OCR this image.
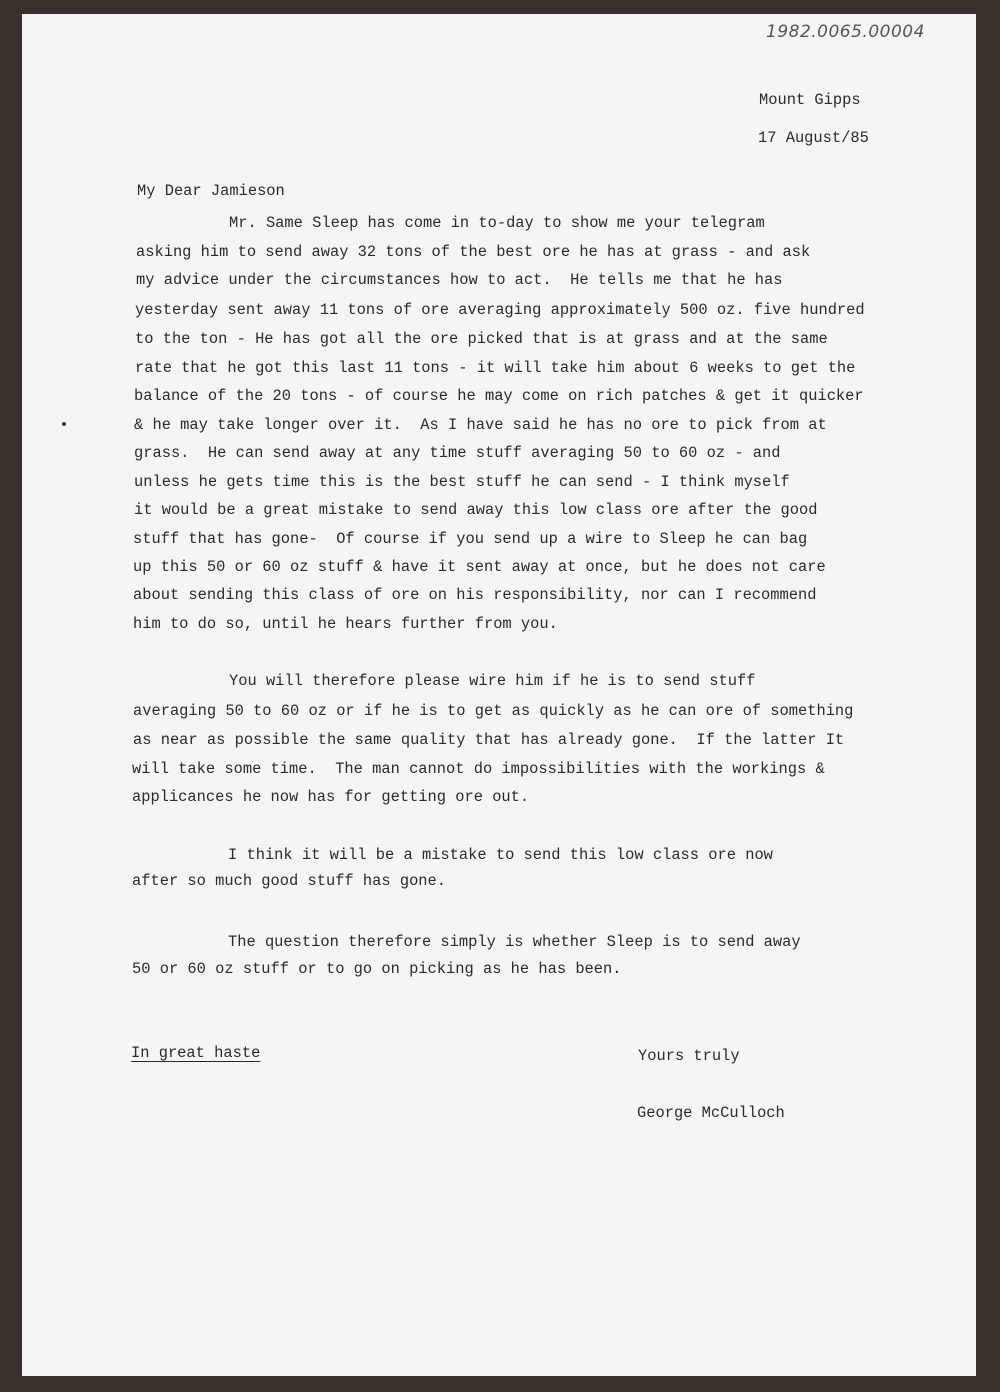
1982.0065.00004
Mount Gipps
17 August/85
My Dear Jamieson
Mr. Same Sleep has come in to-day to show me your telegram
asking him to send away 32 tons of the best ore he has at grass - and ask
my advice under the circumstances how to act.  He tells me that he has
yesterday sent away 11 tons of ore averaging approximately 500 oz. five hundred
to the ton - He has got all the ore picked that is at grass and at the same
rate that he got this last 11 tons - it will take him about 6 weeks to get the
balance of the 20 tons - of course he may come on rich patches & get it quicker
& he may take longer over it.  As I have said he has no ore to pick from at
grass.  He can send away at any time stuff averaging 50 to 60 oz - and
unless he gets time this is the best stuff he can send - I think myself
it would be a great mistake to send away this low class ore after the good
stuff that has gone-  Of course if you send up a wire to Sleep he can bag
up this 50 or 60 oz stuff & have it sent away at once, but he does not care
about sending this class of ore on his responsibility, nor can I recommend
him to do so, until he hears further from you.
You will therefore please wire him if he is to send stuff
averaging 50 to 60 oz or if he is to get as quickly as he can ore of something
as near as possible the same quality that has already gone.  If the latter It
will take some time.  The man cannot do impossibilities with the workings &
applicances he now has for getting ore out.
I think it will be a mistake to send this low class ore now
after so much good stuff has gone.
The question therefore simply is whether Sleep is to send away
50 or 60 oz stuff or to go on picking as he has been.
In great haste	Yours truly
George McCulloch
